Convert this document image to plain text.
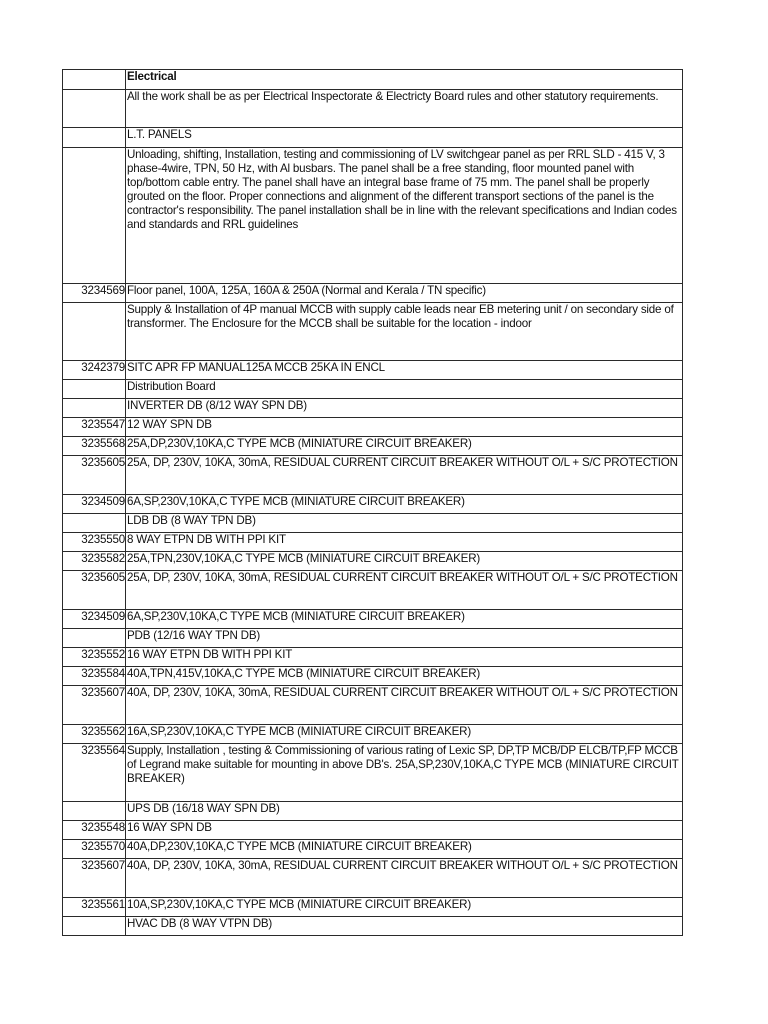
	Electrical
	All the work shall be as per Electrical Inspectorate & Electricty Board rules and other statutory requirements.
	L.T. PANELS
	Unloading, shifting, Installation, testing and commissioning of LV switchgear panel as per RRL SLD - 415 V, 3 phase-4wire, TPN, 50 Hz, with Al busbars. The panel shall be a free standing, floor mounted panel with top/bottom cable entry. The panel shall have an integral base frame of 75 mm. The panel shall be properly grouted on the floor. Proper connections and alignment of the different transport sections of the panel is the contractor's responsibility. The panel installation shall be in line with the relevant specifications and Indian codes and standards and RRL guidelines
3234569	Floor panel, 100A, 125A, 160A & 250A (Normal and Kerala / TN specific)
	Supply & Installation of 4P manual MCCB with supply cable leads near EB metering unit / on secondary side of transformer. The Enclosure for the MCCB shall be suitable for the location - indoor
3242379	SITC APR FP MANUAL125A MCCB 25KA IN ENCL
	Distribution Board
	INVERTER DB (8/12 WAY SPN DB)
3235547	12 WAY SPN DB
3235568	25A,DP,230V,10KA,C TYPE MCB (MINIATURE CIRCUIT BREAKER)
3235605	25A, DP, 230V, 10KA, 30mA, RESIDUAL CURRENT CIRCUIT BREAKER WITHOUT O/L + S/C PROTECTION
3234509	6A,SP,230V,10KA,C TYPE MCB (MINIATURE CIRCUIT BREAKER)
	LDB DB (8 WAY TPN DB)
3235550	8 WAY ETPN DB WITH PPI KIT
3235582	25A,TPN,230V,10KA,C TYPE MCB (MINIATURE CIRCUIT BREAKER)
3235605	25A, DP, 230V, 10KA, 30mA, RESIDUAL CURRENT CIRCUIT BREAKER WITHOUT O/L + S/C PROTECTION
3234509	6A,SP,230V,10KA,C TYPE MCB (MINIATURE CIRCUIT BREAKER)
	PDB (12/16 WAY TPN DB)
3235552	16 WAY ETPN DB WITH PPI KIT
3235584	40A,TPN,415V,10KA,C TYPE MCB (MINIATURE CIRCUIT BREAKER)
3235607	40A, DP, 230V, 10KA, 30mA, RESIDUAL CURRENT CIRCUIT BREAKER WITHOUT O/L + S/C PROTECTION
3235562	16A,SP,230V,10KA,C TYPE MCB (MINIATURE CIRCUIT BREAKER)
3235564	Supply, Installation , testing & Commissioning of various rating of Lexic SP, DP,TP MCB/DP ELCB/TP,FP MCCB of Legrand make suitable for mounting in above DB's. 25A,SP,230V,10KA,C TYPE MCB (MINIATURE CIRCUIT BREAKER)
	UPS DB (16/18 WAY SPN DB)
3235548	16 WAY SPN DB
3235570	40A,DP,230V,10KA,C TYPE MCB (MINIATURE CIRCUIT BREAKER)
3235607	40A, DP, 230V, 10KA, 30mA, RESIDUAL CURRENT CIRCUIT BREAKER WITHOUT O/L + S/C PROTECTION
3235561	10A,SP,230V,10KA,C TYPE MCB (MINIATURE CIRCUIT BREAKER)
	HVAC DB (8 WAY VTPN DB)
